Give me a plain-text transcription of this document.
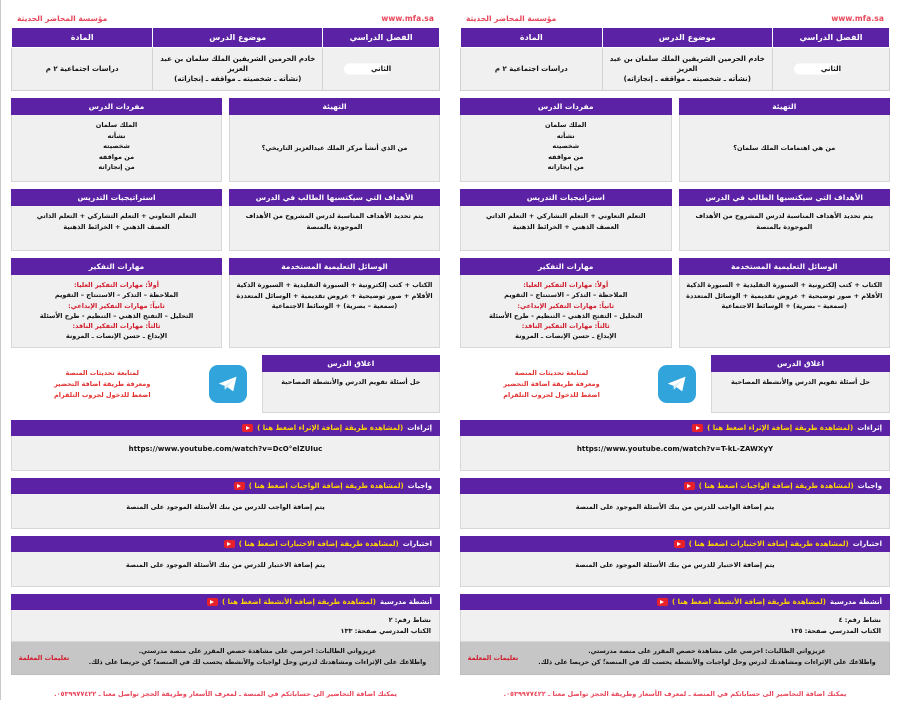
مؤسسة المحاضر الحديثة	www.mfa.sa
الفصل الدراسي	موضوع الدرس	المادة

الثاني	خادم الحرمين الشريفين الملك سلمان بن عبد العزيز
(نشأته ـ شخصيته ـ مواقفه ـ إنجازاته)	دراسات اجتماعية ٢ م
التهيئة
من هي اهتمامات الملك سلمان؟
مفردات الدرس
الملك سلمان
نشأته
شخصيته
من مواقفه
من إنجازاته
الأهداف التي سيكتسبها الطالب في الدرس
يتم تحديد الأهداف المناسبة لدرس المشروح من الأهداف الموجودة بالمنصة
استراتيجيات التدريس
التعلم التعاوني + التعلم التشاركي + التعلم الذاتي
العصف الذهني + الخرائط الذهنية
الوسائل التعليمية المستخدمة
الكتاب + كتب إلكترونية + السبورة التقليدية + السبورة الذكية
الأقلام + صور توضيحية + عروض تقديمية + الوسائل المتعددة
(سمعية – بصرية) + الوسائط الاجتماعية
مهارات التفكير
أولاً: مهارات التفكير العليا:
الملاحظة – التذكر – الاستنتاج – التقويم
ثانياً: مهارات التفكير الإبداعي:
التحليل – التفتح الذهني – التنظيم - طرح الأسئلة
ثالثاً: مهارات التفكير الناقد:
الإبداع ـ حسن الإنصات ـ المرونة
اغلاق الدرس
حل أسئلة تقويم الدرس والأنشطة المصاحبة
لمتابعة تحديثات المنصة
ومعرفة طريقة اضافة التحضير
اضغط للدخول لجروب التلقرام
إثراءات
(لمشاهدة طريقة إضافة الإثراء اضغط هنا )
https://www.youtube.com/watch?v=T-kL-ZAWXyY
واجبات
(لمشاهدة طريقة إضافة الواجبات اضغط هنا )
يتم إضافة الواجب للدرس من بنك الأسئلة الموجود على المنصة
اختبارات
(لمشاهدة طريقة إضافة الاختبارات اضغط هنا )
يتم إضافة الاختبار للدرس من بنك الأسئلة الموجود على المنصة
أنشطة مدرسية
(لمشاهدة طريقة إضافة الأنشطة اضغط هنا )
نشاط رقم: ٤
الكتاب المدرسي صفحة: ١٣٥
عزيزواتي الطالبات: احرصي على مشاهدة حصص المقرر على منصة مدرستي.
واطلاعك على الإثراءات ومشاهدتك لدرس وحل لواجبات والأنشطة يحسب لك في المنصة؛ً كن حريصا على ذلك.
تعليمات المعلمة
يمكنك اضافة التحاضير الى حساباتكم في المنصة ـ لمعرف الأسعار وطريقة الحجز تواصل معنا ـ ٠٥٣٩٩٧٧٤٢٢.
مؤسسة المحاضر الحديثة	www.mfa.sa
الفصل الدراسي	موضوع الدرس	المادة

الثاني	خادم الحرمين الشريفين الملك سلمان بن عبد العزيز
(نشأته ـ شخصيته ـ مواقفه ـ إنجازاته)	دراسات اجتماعية ٢ م
التهيئة
من الذي أنشأ مركز الملك عبدالعزيز التاريخي؟
مفردات الدرس
الملك سلمان
نشأته
شخصيته
من مواقفه
من إنجازاته
الأهداف التي سيكتسبها الطالب في الدرس
يتم تحديد الأهداف المناسبة لدرس المشروح من الأهداف الموجودة بالمنصة
استراتيجيات التدريس
التعلم التعاوني + التعلم التشاركي + التعلم الذاتي
العصف الذهني + الخرائط الذهنية
الوسائل التعليمية المستخدمة
الكتاب + كتب إلكترونية + السبورة التقليدية + السبورة الذكية
الأقلام + صور توضيحية + عروض تقديمية + الوسائل المتعددة
(سمعية – بصرية) + الوسائط الاجتماعية
مهارات التفكير
أولاً: مهارات التفكير العليا:
الملاحظة – التذكر – الاستنتاج – التقويم
ثانياً: مهارات التفكير الإبداعي:
التحليل – التفتح الذهني – التنظيم - طرح الأسئلة
ثالثاً: مهارات التفكير الناقد:
الإبداع ـ حسن الإنصات ـ المرونة
اغلاق الدرس
حل أسئلة تقويم الدرس والأنشطة المصاحبة
لمتابعة تحديثات المنصة
ومعرفة طريقة اضافة التحضير
اضغط للدخول لجروب التلقرام
إثراءات
(لمشاهدة طريقة إضافة الإثراء اضغط هنا )
https://www.youtube.com/watch?v=DcO°elZUIuc
واجبات
(لمشاهدة طريقة إضافة الواجبات اضغط هنا )
يتم إضافة الواجب للدرس من بنك الأسئلة الموجود على المنصة
اختبارات
(لمشاهدة طريقة إضافة الاختبارات اضغط هنا )
يتم إضافة الاختبار للدرس من بنك الأسئلة الموجود على المنصة
أنشطة مدرسية
(لمشاهدة طريقة إضافة الأنشطة اضغط هنا )
نشاط رقم: ٢
الكتاب المدرسي صفحة: ١٣٣
عزيزواتي الطالبات: احرصي على مشاهدة حصص المقرر على منصة مدرستي.
واطلاعك على الإثراءات ومشاهدتك لدرس وحل لواجبات والأنشطة يحسب لك في المنصة؛ً كن حريصا على ذلك.
تعليمات المعلمة
يمكنك اضافة التحاضير الى حساباتكم في المنصة ـ لمعرف الأسعار وطريقة الحجز تواصل معنا ـ ٠٥٣٩٩٧٧٤٢٢.
